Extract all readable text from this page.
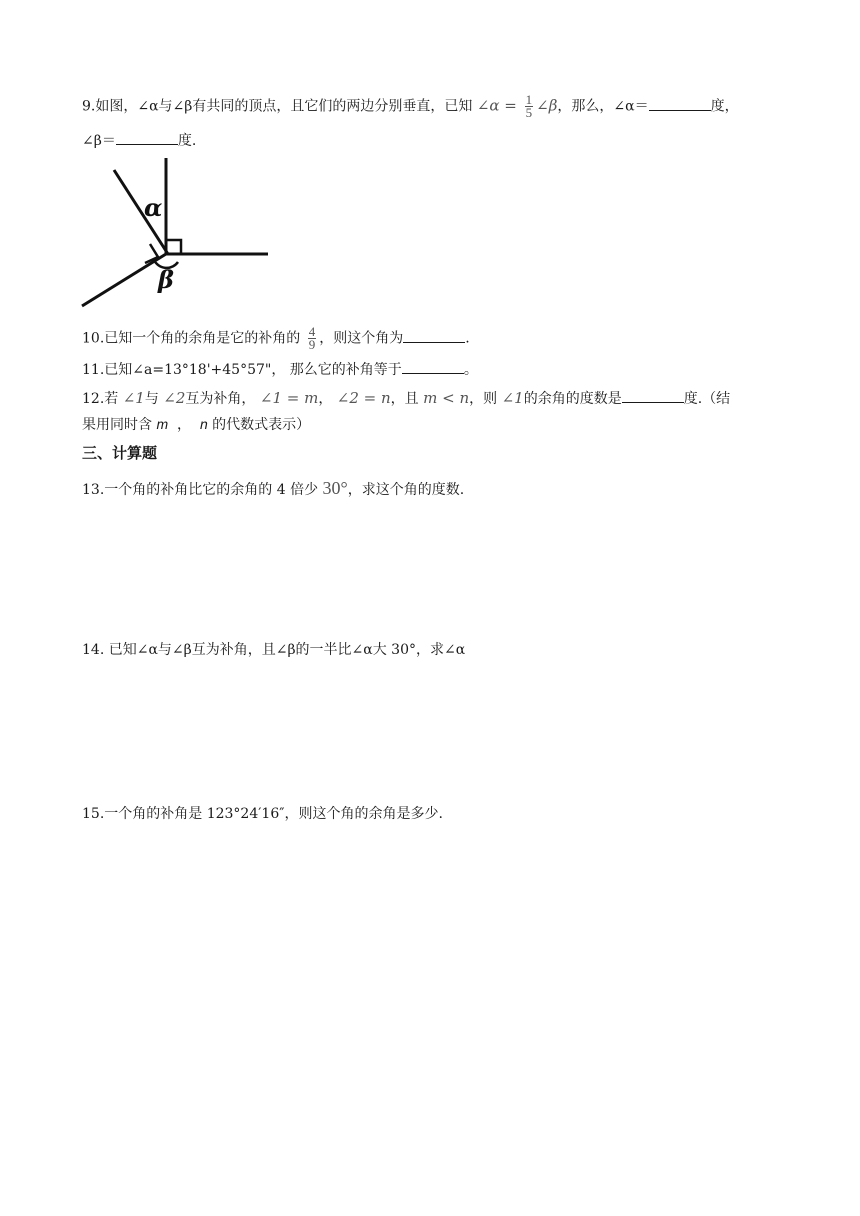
9.如图，∠α与∠β有共同的顶点，且它们的两边分别垂直，已知 ∠α = $\frac{1}{5}$ ∠β，那么，∠α＝	度，
∠β＝	度.
α
β
10.已知一个角的余角是它的补角的 $\frac{4}{9}$ ，则这个角为	.
11.已知∠a=13°18'+45°57"， 那么它的补角等于	。
12.若 ∠1与 ∠2互为补角， ∠1 = m， ∠2 = n，且 m < n，则 ∠1的余角的度数是	度.（结
果用同时含 m  ，  n 的代数式表示）
三、计算题
13.一个角的补角比它的余角的 4 倍少 30°，求这个角的度数.
14. 已知∠α与∠β互为补角，且∠β的一半比∠α大 30°，求∠α
15.一个角的补角是 123°24′16″，则这个角的余角是多少.
